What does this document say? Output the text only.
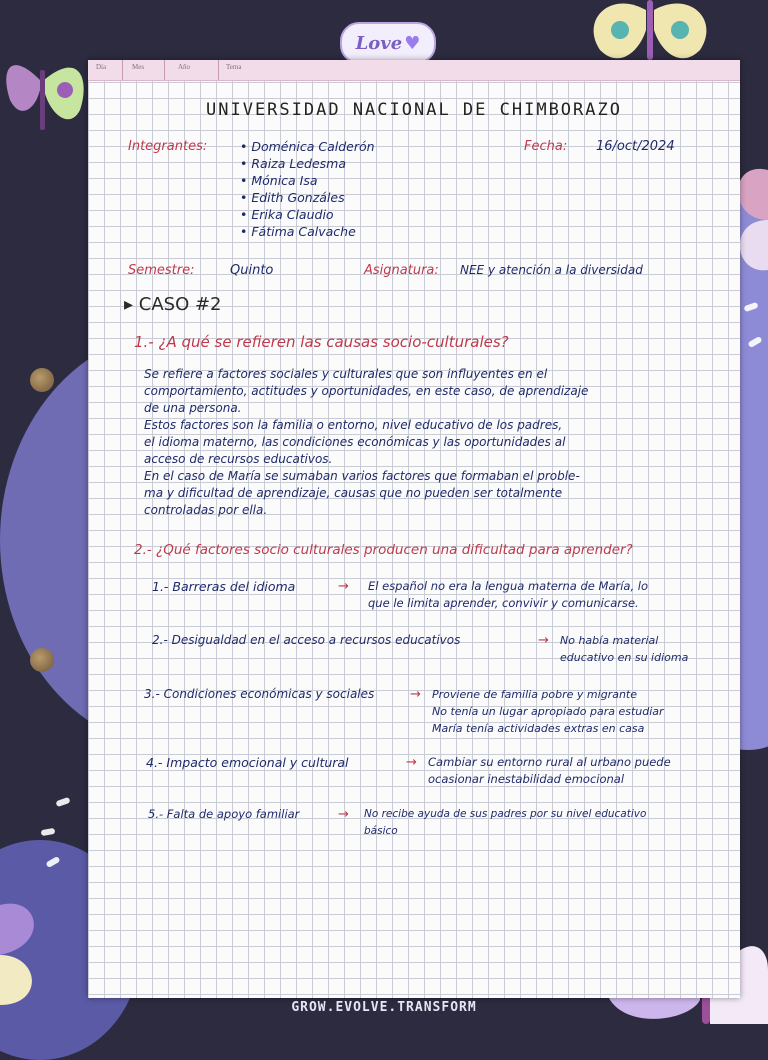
Love ♥
Día	Mes	Año	Tema
UNIVERSIDAD NACIONAL DE CHIMBORAZO
Integrantes:	• Doménica Calderón
• Raiza Ledesma
• Mónica Isa
• Edith Gonzáles
• Erika Claudio
• Fátima Calvache
Fecha: 16/oct/2024
Semestre:	Quinto	Asignatura: NEE y atención a la diversidad
▸ CASO #2
1.- ¿A qué se refieren las causas socio-culturales?
Se refiere a factores sociales y culturales que son influyentes en el
comportamiento, actitudes y oportunidades, en este caso, de aprendizaje
de una persona.
Estos factores son la familia o entorno, nivel educativo de los padres,
el idioma materno, las condiciones económicas y las oportunidades al
acceso de recursos educativos.
En el caso de María se sumaban varios factores que formaban el proble-
ma y dificultad de aprendizaje, causas que no pueden ser totalmente
controladas por ella.
2.- ¿Qué factores socio culturales producen una dificultad para aprender?
1.- Barreras del idioma	→ El español no era la lengua materna de María, lo
que le limita aprender, convivir y comunicarse.
2.- Desigualdad en el acceso a recursos educativos	→ No había material
educativo en su idioma
3.- Condiciones económicas y sociales	→ Proviene de familia pobre y migrante
No tenía un lugar apropiado para estudiar
María tenía actividades extras en casa
4.- Impacto emocional y cultural	→ Cambiar su entorno rural al urbano puede
ocasionar inestabilidad emocional
5.- Falta de apoyo familiar	→ No recibe ayuda de sus padres por su nivel educativo
básico
GROW.EVOLVE.TRANSFORM
